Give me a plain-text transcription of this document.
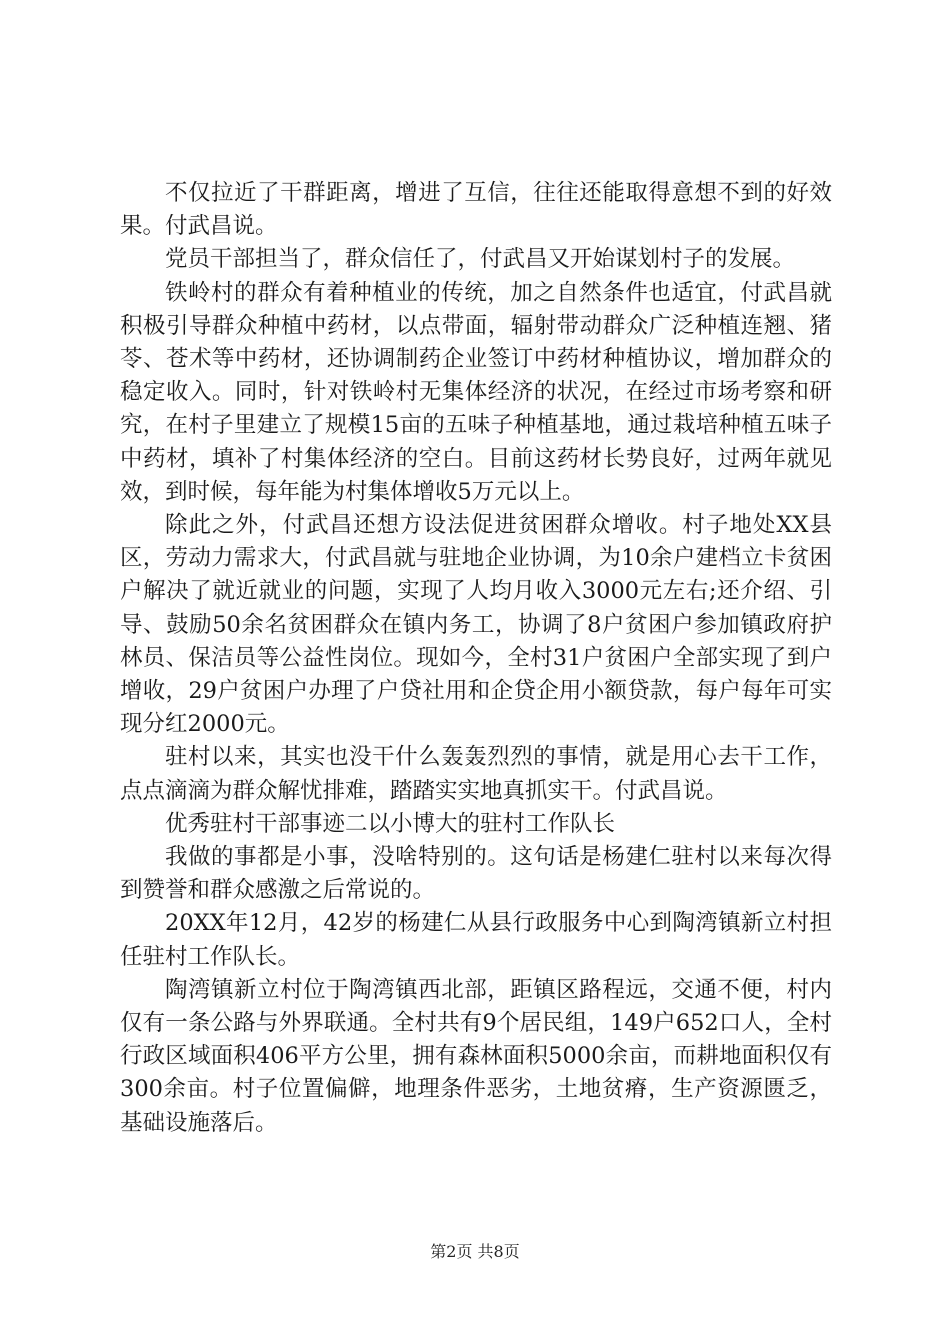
不仅拉近了干群距离，增进了互信，往往还能取得意想不到的好效果。付武昌说。

党员干部担当了，群众信任了，付武昌又开始谋划村子的发展。

铁岭村的群众有着种植业的传统，加之自然条件也适宜，付武昌就积极引导群众种植中药材，以点带面，辐射带动群众广泛种植连翘、猪苓、苍术等中药材，还协调制药企业签订中药材种植协议，增加群众的稳定收入。同时，针对铁岭村无集体经济的状况，在经过市场考察和研究，在村子里建立了规模15亩的五味子种植基地，通过栽培种植五味子中药材，填补了村集体经济的空白。目前这药材长势良好，过两年就见效，到时候，每年能为村集体增收5万元以上。

除此之外，付武昌还想方设法促进贫困群众增收。村子地处XX县区，劳动力需求大，付武昌就与驻地企业协调，为10余户建档立卡贫困户解决了就近就业的问题，实现了人均月收入3000元左右;还介绍、引导、鼓励50余名贫困群众在镇内务工，协调了8户贫困户参加镇政府护林员、保洁员等公益性岗位。现如今，全村31户贫困户全部实现了到户增收，29户贫困户办理了户贷社用和企贷企用小额贷款，每户每年可实现分红2000元。

驻村以来，其实也没干什么轰轰烈烈的事情，就是用心去干工作，点点滴滴为群众解忧排难，踏踏实实地真抓实干。付武昌说。

优秀驻村干部事迹二以小博大的驻村工作队长

我做的事都是小事，没啥特别的。这句话是杨建仁驻村以来每次得到赞誉和群众感激之后常说的。

20XX年12月，42岁的杨建仁从县行政服务中心到陶湾镇新立村担任驻村工作队长。

陶湾镇新立村位于陶湾镇西北部，距镇区路程远，交通不便，村内仅有一条公路与外界联通。全村共有9个居民组，149户652口人，全村行政区域面积406平方公里，拥有森林面积5000余亩，而耕地面积仅有300余亩。村子位置偏僻，地理条件恶劣，土地贫瘠，生产资源匮乏，基础设施落后。

第2页 共8页
